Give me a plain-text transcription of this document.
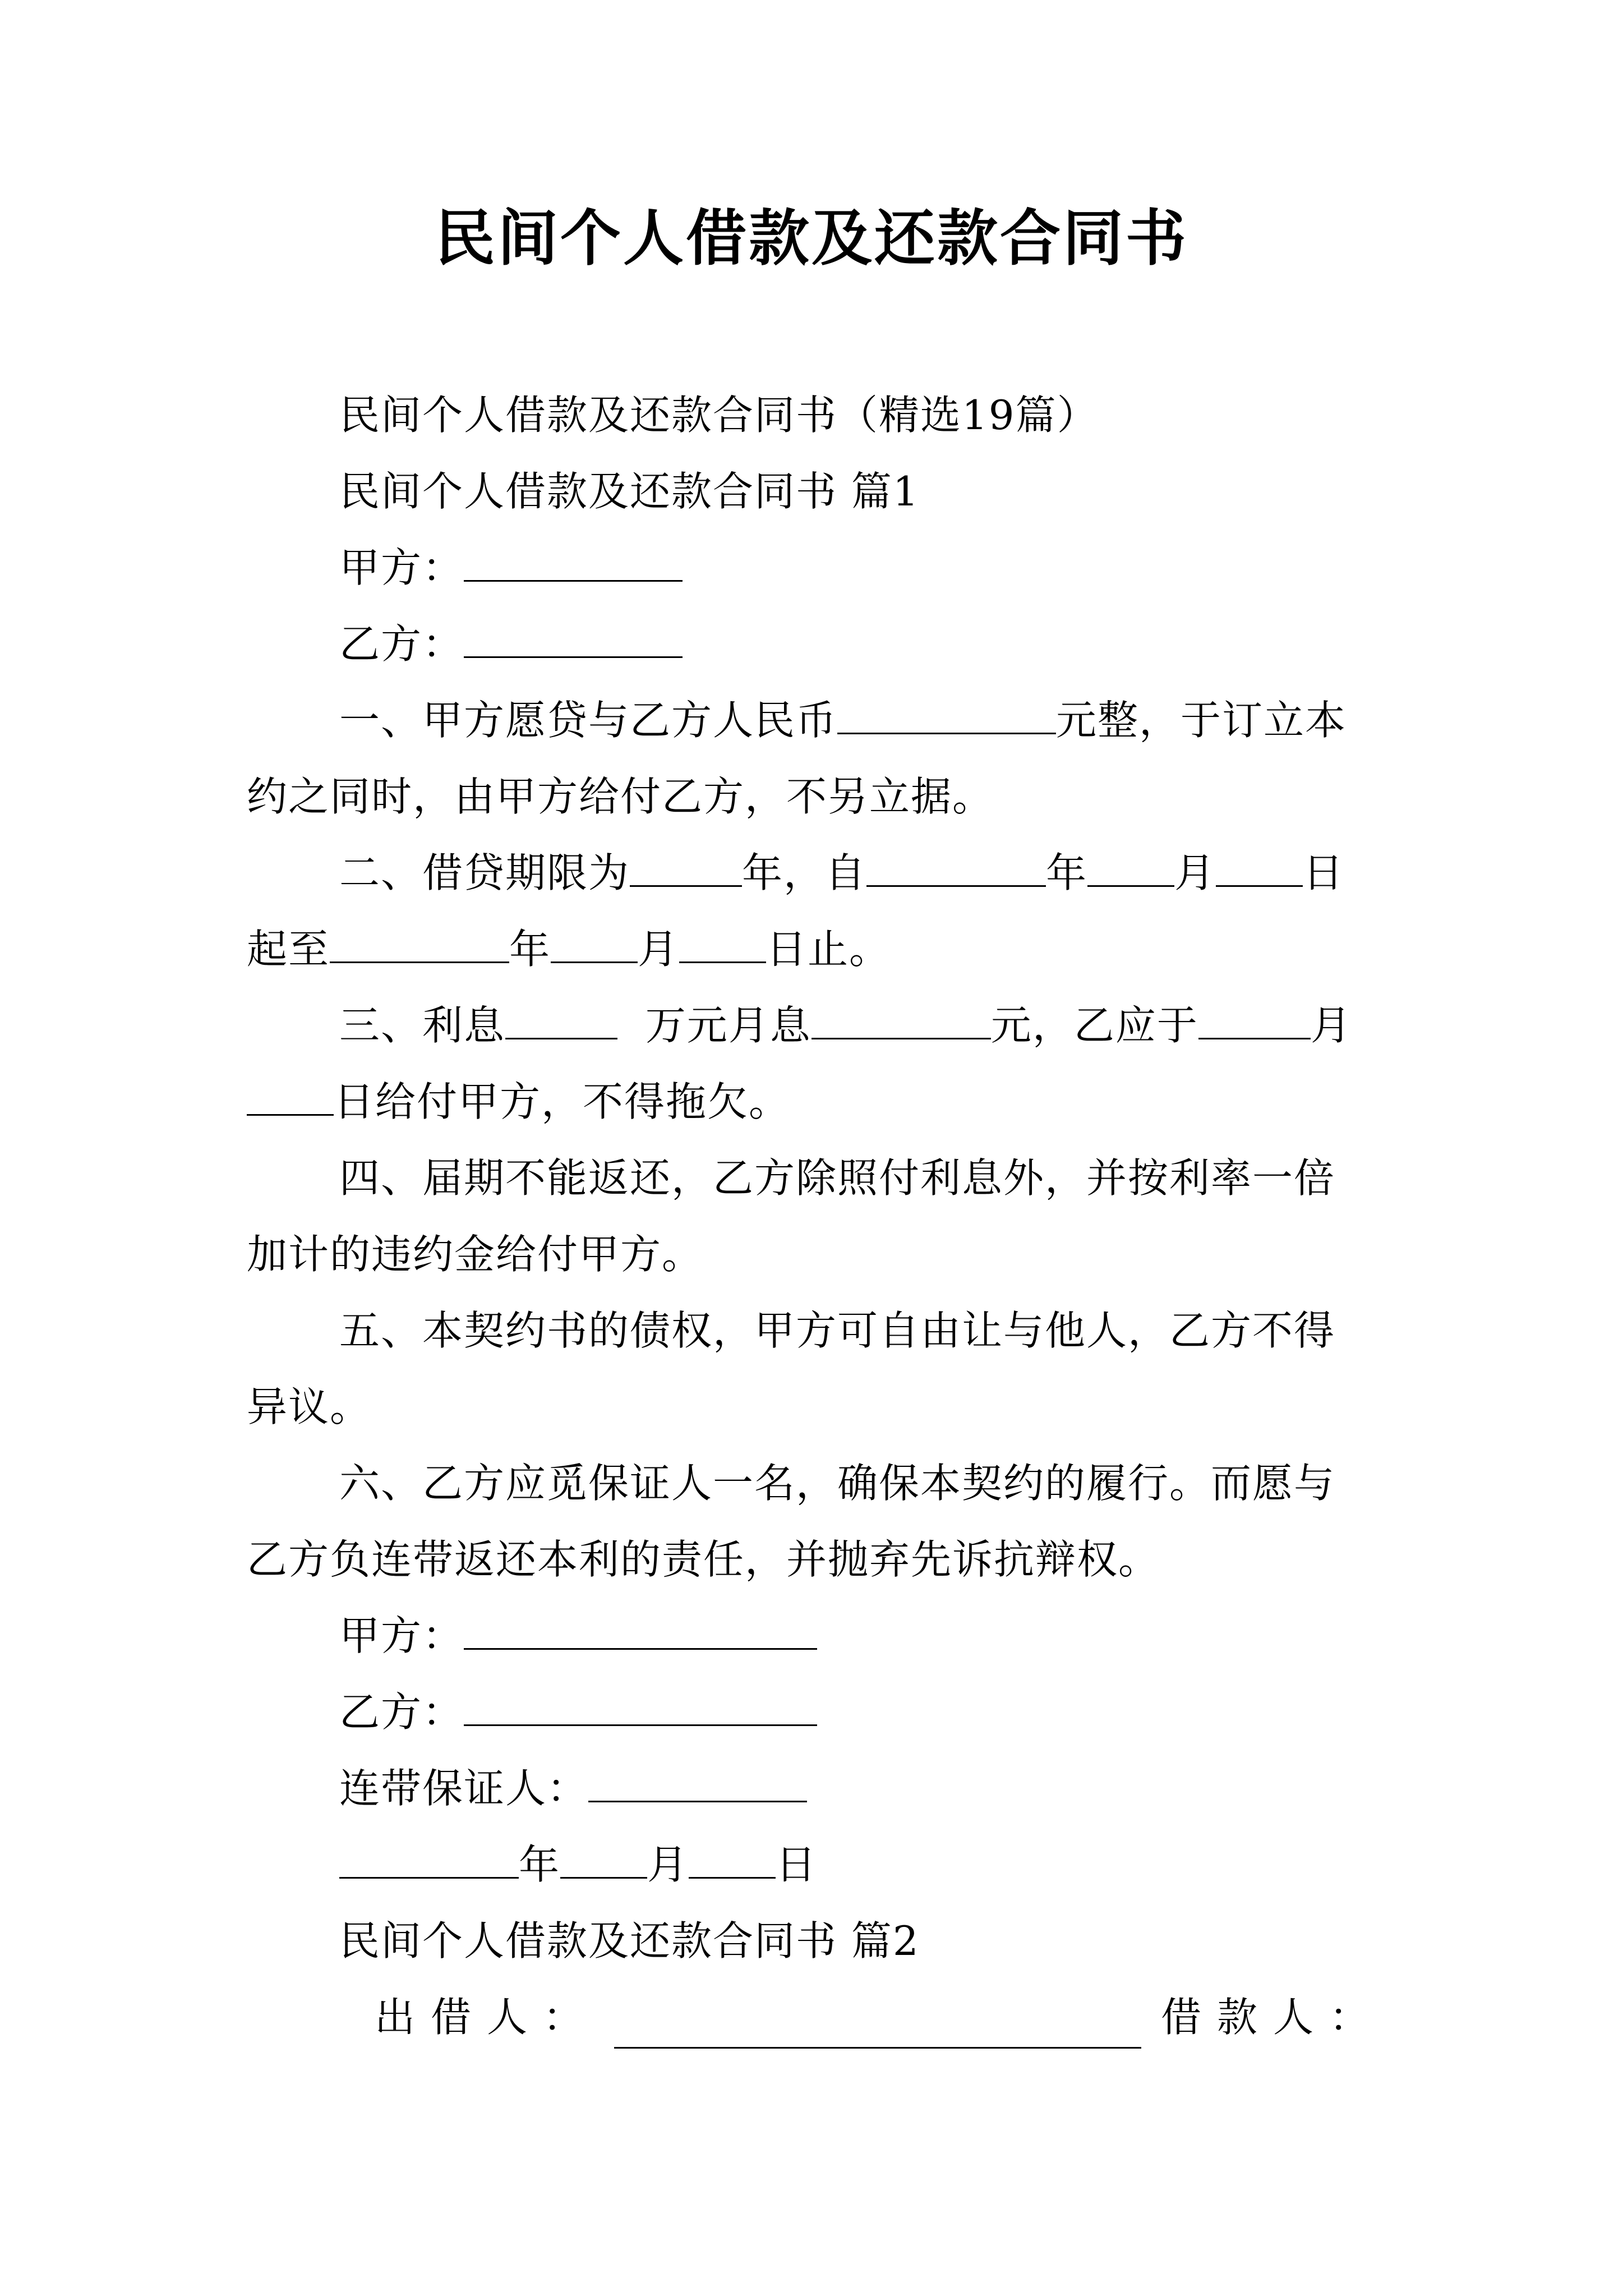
民间个人借款及还款合同书
民间个人借款及还款合同书（精选19篇）
民间个人借款及还款合同书 篇1
甲方：
乙方：
一、甲方愿贷与乙方人民币	元整，于订立本
约之同时，由甲方给付乙方，不另立据。
二、借贷期限为	年，自	年 月 日
起至	年 月 日止。
三、利息	万元月息	元，乙应于	月
日给付甲方，不得拖欠。
四、届期不能返还，乙方除照付利息外，并按利率一倍
加计的违约金给付甲方。
五、本契约书的债权，甲方可自由让与他人，乙方不得
异议。
六、乙方应觅保证人一名，确保本契约的履行。而愿与
乙方负连带返还本利的责任，并抛弃先诉抗辩权。
甲方：
乙方：
连带保证人：
年 月 日
民间个人借款及还款合同书 篇2
出借人：	借款人：
